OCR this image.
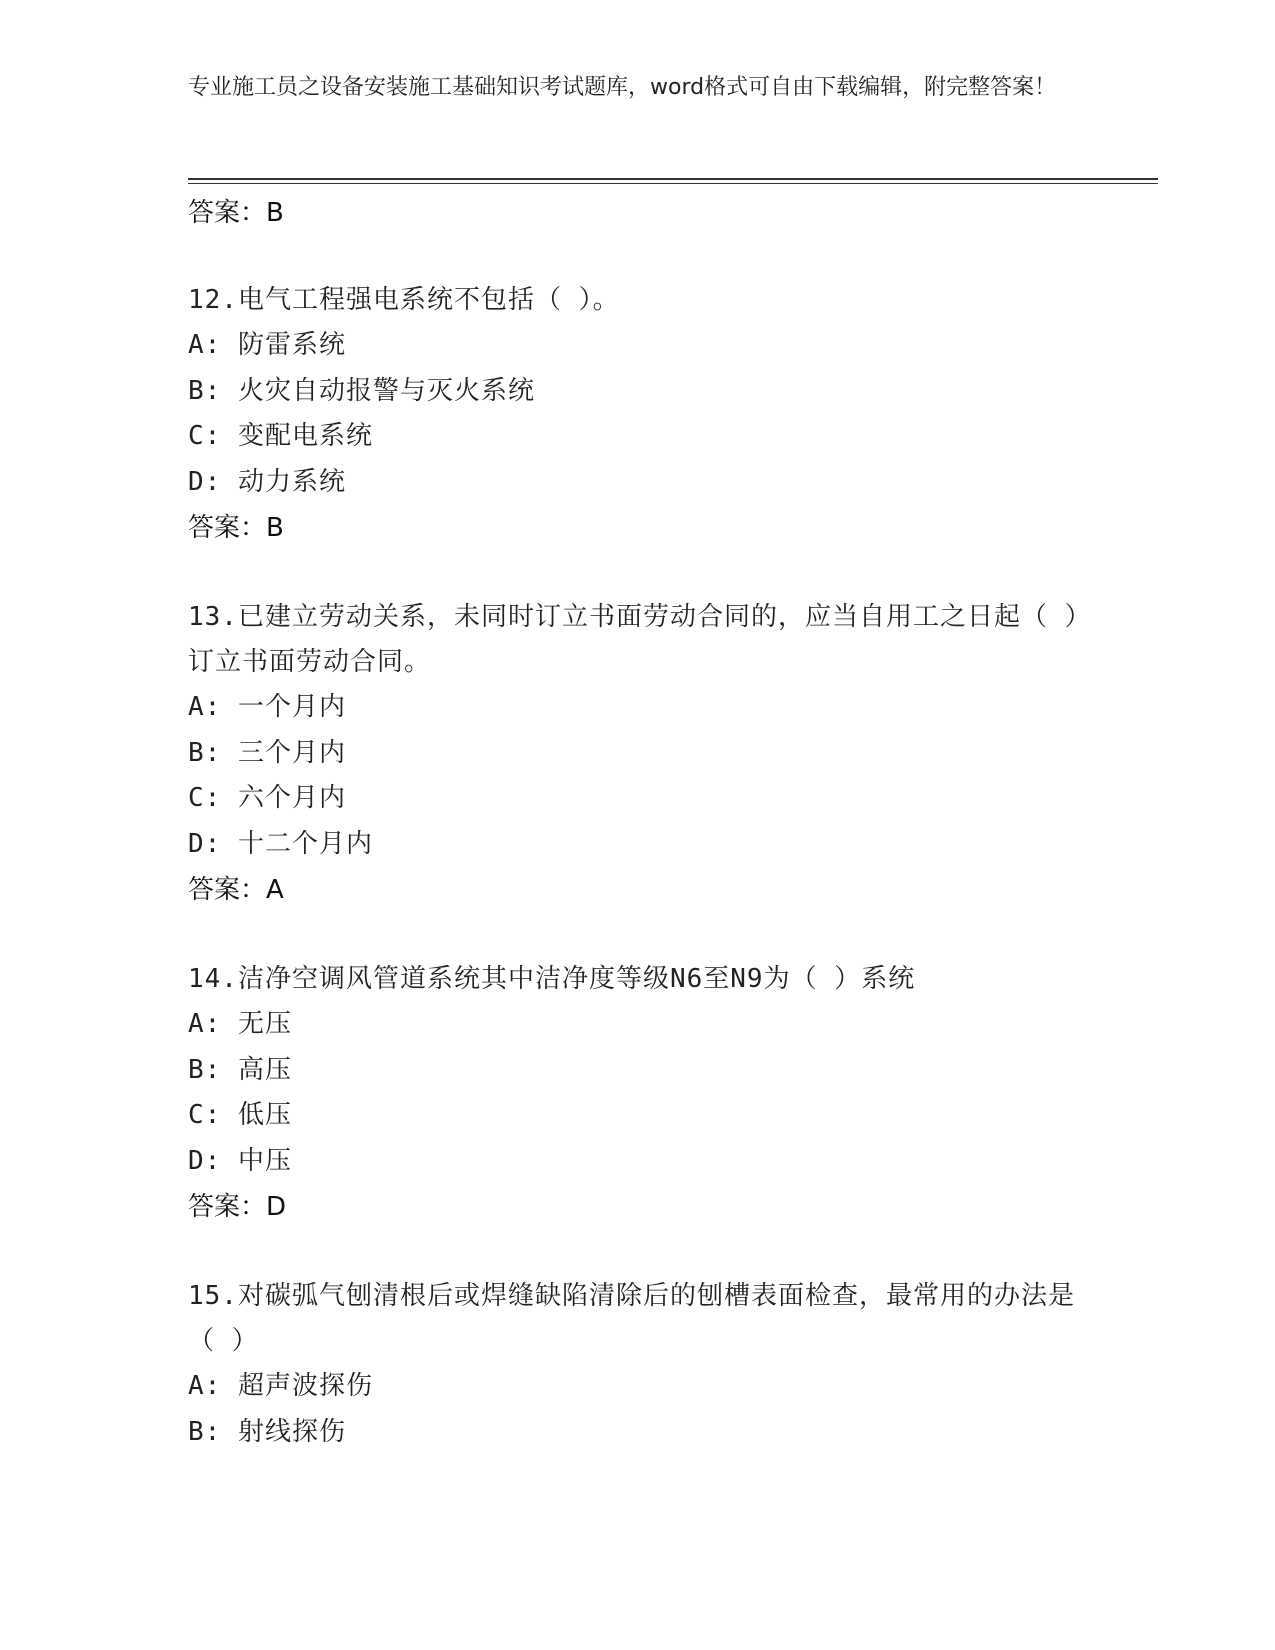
专业施工员之设备安装施工基础知识考试题库，word格式可自由下载编辑，附完整答案！
答案：B
12.电气工程强电系统不包括（ ）。
A: 防雷系统
B: 火灾自动报警与灭火系统
C: 变配电系统
D: 动力系统
答案：B
13.已建立劳动关系，未同时订立书面劳动合同的，应当自用工之日起（ ）订立书面劳动合同。
A: 一个月内
B: 三个月内
C: 六个月内
D: 十二个月内
答案：A
14.洁净空调风管道系统其中洁净度等级N6至N9为（ ）系统
A: 无压
B: 高压
C: 低压
D: 中压
答案：D
15.对碳弧气刨清根后或焊缝缺陷清除后的刨槽表面检查，最常用的办法是（ ）
A: 超声波探伤
B: 射线探伤
